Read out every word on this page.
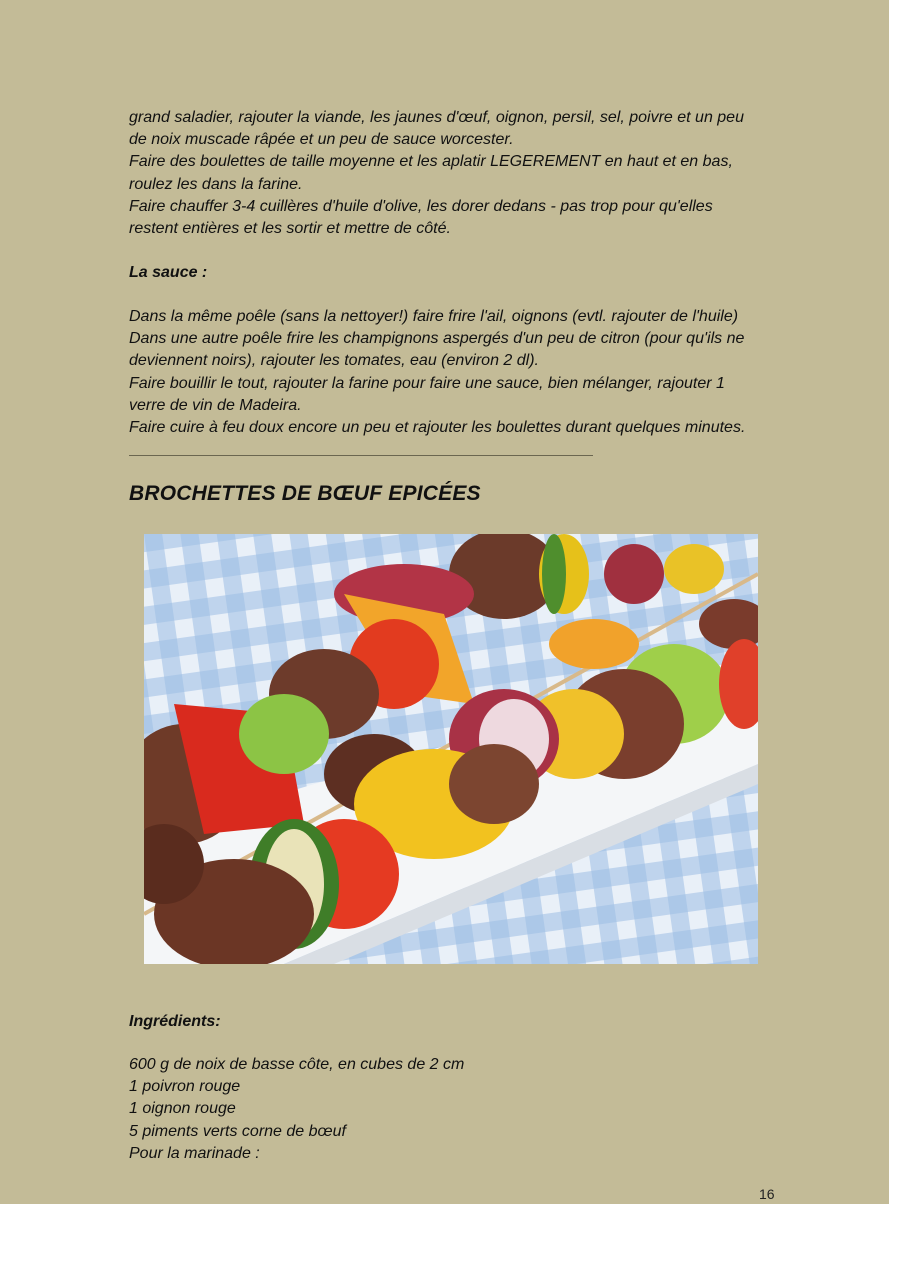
grand saladier, rajouter la viande, les jaunes d'œuf, oignon, persil, sel, poivre et un peu
de noix muscade râpée et un peu de sauce worcester.
Faire des boulettes de taille moyenne et les aplatir LEGEREMENT en haut et en bas,
roulez les dans la farine.
Faire chauffer 3-4 cuillères d'huile d'olive, les dorer dedans - pas trop pour qu'elles
restent entières et les sortir et mettre de côté.
La sauce :
Dans la même poêle (sans la nettoyer!) faire frire l'ail, oignons (evtl. rajouter de l'huile)
Dans une autre poêle frire les champignons aspergés d'un peu de citron (pour qu'ils ne
deviennent noirs), rajouter les tomates, eau (environ 2 dl).
Faire bouillir le tout, rajouter la farine pour faire une sauce, bien mélanger, rajouter 1
verre de vin de Madeira.
Faire cuire à feu doux encore un peu et rajouter les boulettes durant quelques minutes.
BROCHETTES DE BŒUF EPICÉES
Ingrédients:
600 g de noix de basse côte, en cubes de 2 cm
1 poivron rouge
1 oignon rouge
5 piments verts corne de bœuf
Pour la marinade :
16
